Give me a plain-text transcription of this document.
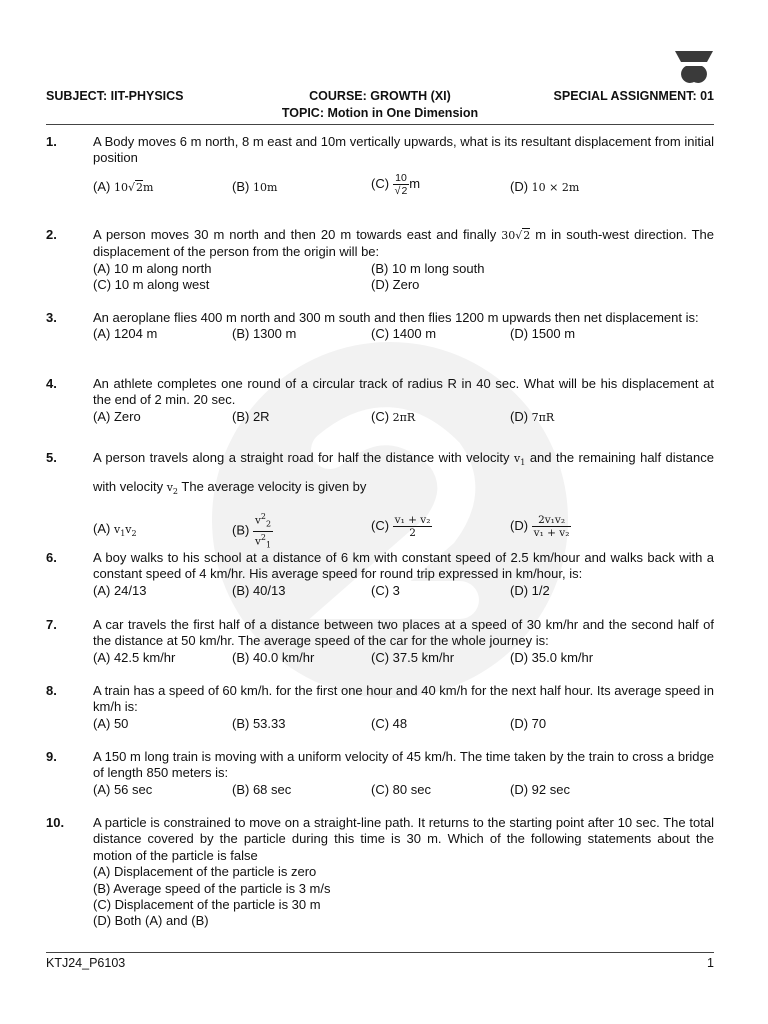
SUBJECT: IIT-PHYSICS	COURSE: GROWTH (XI)	SPECIAL ASSIGNMENT: 01
TOPIC: Motion in One Dimension
1.	A Body moves 6 m north, 8 m east and 10m vertically upwards, what is its resultant displacement from initial position
(A) 10√2m	(B) 10m	$(C) \frac{10}{√2}$ m	(D) 10 × 2m
2.	A person moves 30 m north and then 20 m towards east and finally 30√2 m in south-west direction. The displacement of the person from the origin will be:
(A) 10 m along north	(B) 10 m long south
(C) 10 m along west	(D) Zero
3.	An aeroplane flies 400 m north and 300 m south and then flies 1200 m upwards then net displacement is:
(A) 1204 m	(B) 1300 m	(C) 1400 m	(D) 1500 m
4.	An athlete completes one round of a circular track of radius R in 40 sec. What will be his displacement at the end of 2 min. 20 sec.
(A) Zero	(B) 2R	(C) 2πR	(D) 7πR
5.	A person travels along a straight road for half the distance with velocity $v_1$ and the remaining half distance with velocity $v_2$ The average velocity is given by
(A) $v_1v_2$	$(B) \frac{v^2_2}{v^2_1}$	$(C) \frac{\text{v₁ + v₂}}{2}$	$(D) \frac{\text{2v₁v₂}}{\text{v₁ + v₂}}$
6.	A boy walks to his school at a distance of 6 km with constant speed of 2.5 km/hour and walks back with a constant speed of 4 km/hr. His average speed for round trip expressed in km/hour, is:
(A) 24/13	(B) 40/13	(C) 3	(D) 1/2
7.	A car travels the first half of a distance between two places at a speed of 30 km/hr and the second half of the distance at 50 km/hr. The average speed of the car for the whole journey is:
(A) 42.5 km/hr	(B) 40.0 km/hr	(C) 37.5 km/hr	(D) 35.0 km/hr
8.	A train has a speed of 60 km/h. for the first one hour and 40 km/h for the next half hour. Its average speed in km/h is:
(A) 50	(B) 53.33	(C) 48	(D) 70
9.	A 150 m long train is moving with a uniform velocity of 45 km/h. The time taken by the train to cross a bridge of length 850 meters is:
(A) 56 sec	(B) 68 sec	(C) 80 sec	(D) 92 sec
10. A particle is constrained to move on a straight-line path. It returns to the starting point after 10 sec. The total distance covered by the particle during this time is 30 m. Which of the following statements about the motion of the particle is false
(A) Displacement of the particle is zero
(B) Average speed of the particle is 3 m/s
(C) Displacement of the particle is 30 m
(D) Both (A) and (B)
KTJ24_P6103	1
